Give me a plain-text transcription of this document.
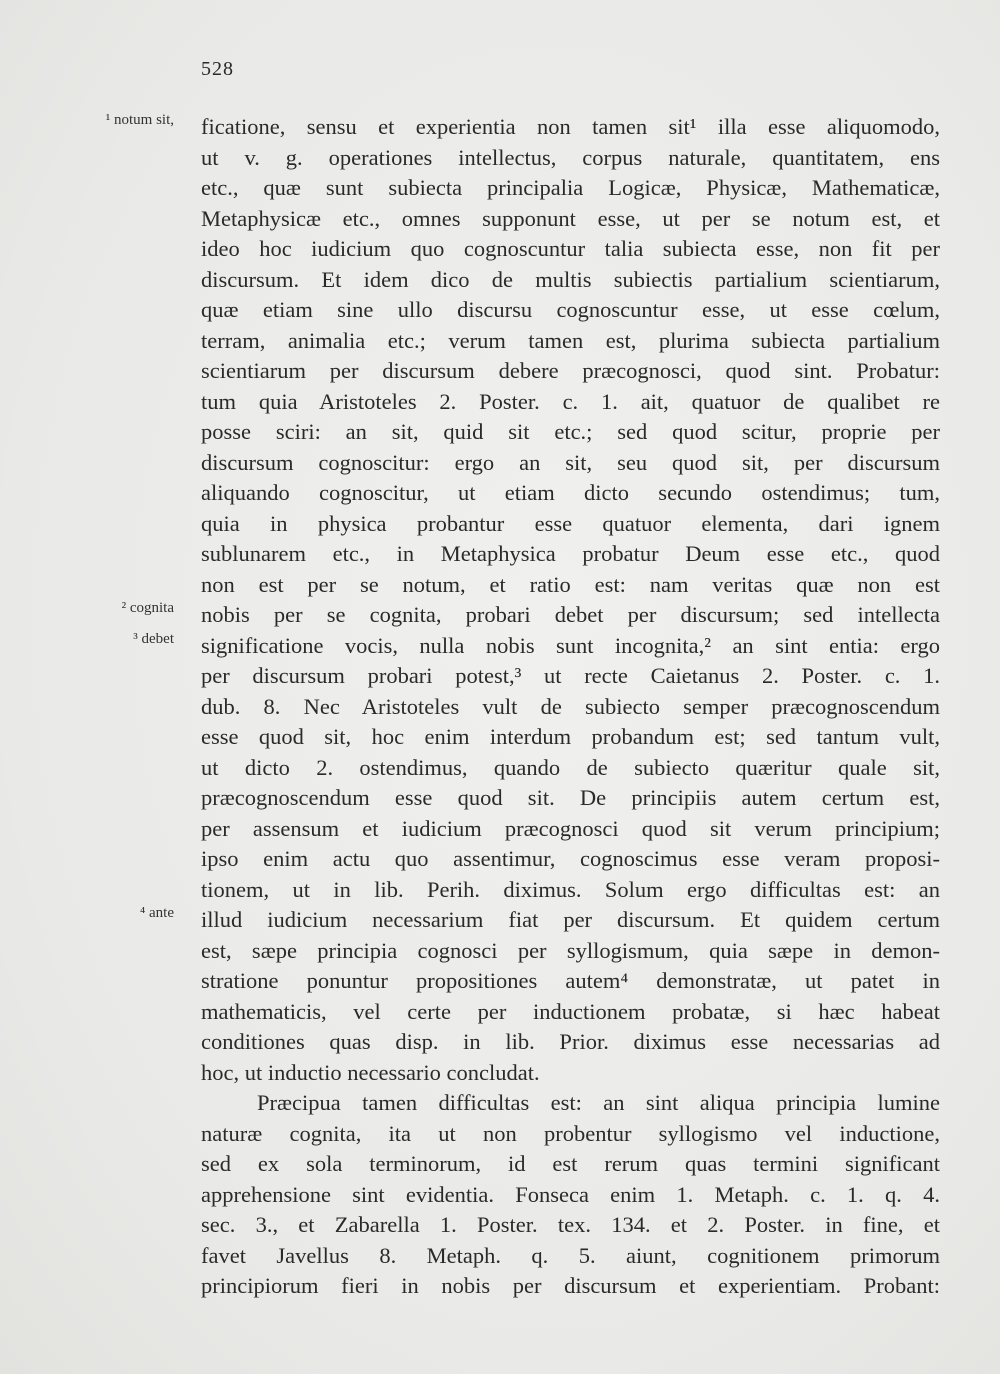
528
¹ notum sit,
² cognita
³ debet
⁴ ante
ficatione, sensu et experientia non tamen sit¹ illa esse aliquomodo,
ut v. g. operationes intellectus, corpus naturale, quantitatem, ens
etc., quæ sunt subiecta principalia Logicæ, Physicæ, Mathematicæ,
Metaphysicæ etc., omnes supponunt esse, ut per se notum est, et
ideo hoc iudicium quo cognoscuntur talia subiecta esse, non fit per
discursum. Et idem dico de multis subiectis partialium scientiarum,
quæ etiam sine ullo discursu cognoscuntur esse, ut esse cœlum,
terram, animalia etc.; verum tamen est, plurima subiecta partialium
scientiarum per discursum debere præcognosci, quod sint. Probatur:
tum quia Aristoteles 2. Poster. c. 1. ait, quatuor de qualibet re
posse sciri: an sit, quid sit etc.; sed quod scitur, proprie per
discursum cognoscitur: ergo an sit, seu quod sit, per discursum
aliquando cognoscitur, ut etiam dicto secundo ostendimus; tum,
quia in physica probantur esse quatuor elementa, dari ignem
sublunarem etc., in Metaphysica probatur Deum esse etc., quod
non est per se notum, et ratio est: nam veritas quæ non est
nobis per se cognita, probari debet per discursum; sed intellecta
significatione vocis, nulla nobis sunt incognita,² an sint entia: ergo
per discursum probari potest,³ ut recte Caietanus 2. Poster. c. 1.
dub. 8. Nec Aristoteles vult de subiecto semper præcognoscendum
esse quod sit, hoc enim interdum probandum est; sed tantum vult,
ut dicto 2. ostendimus, quando de subiecto quæritur quale sit,
præcognoscendum esse quod sit. De principiis autem certum est,
per assensum et iudicium præcognosci quod sit verum principium;
ipso enim actu quo assentimur, cognoscimus esse veram proposi-
tionem, ut in lib. Perih. diximus. Solum ergo difficultas est: an
illud iudicium necessarium fiat per discursum. Et quidem certum
est, sæpe principia cognosci per syllogismum, quia sæpe in demon-
stratione ponuntur propositiones autem⁴ demonstratæ, ut patet in
mathematicis, vel certe per inductionem probatæ, si hæc habeat
conditiones quas disp. in lib. Prior. diximus esse necessarias ad
hoc, ut inductio necessario concludat.
Præcipua tamen difficultas est: an sint aliqua principia lumine
naturæ cognita, ita ut non probentur syllogismo vel inductione,
sed ex sola terminorum, id est rerum quas termini significant
apprehensione sint evidentia. Fonseca enim 1. Metaph. c. 1. q. 4.
sec. 3., et Zabarella 1. Poster. tex. 134. et 2. Poster. in fine, et
favet Javellus 8. Metaph. q. 5. aiunt, cognitionem primorum
principiorum fieri in nobis per discursum et experientiam. Probant:
